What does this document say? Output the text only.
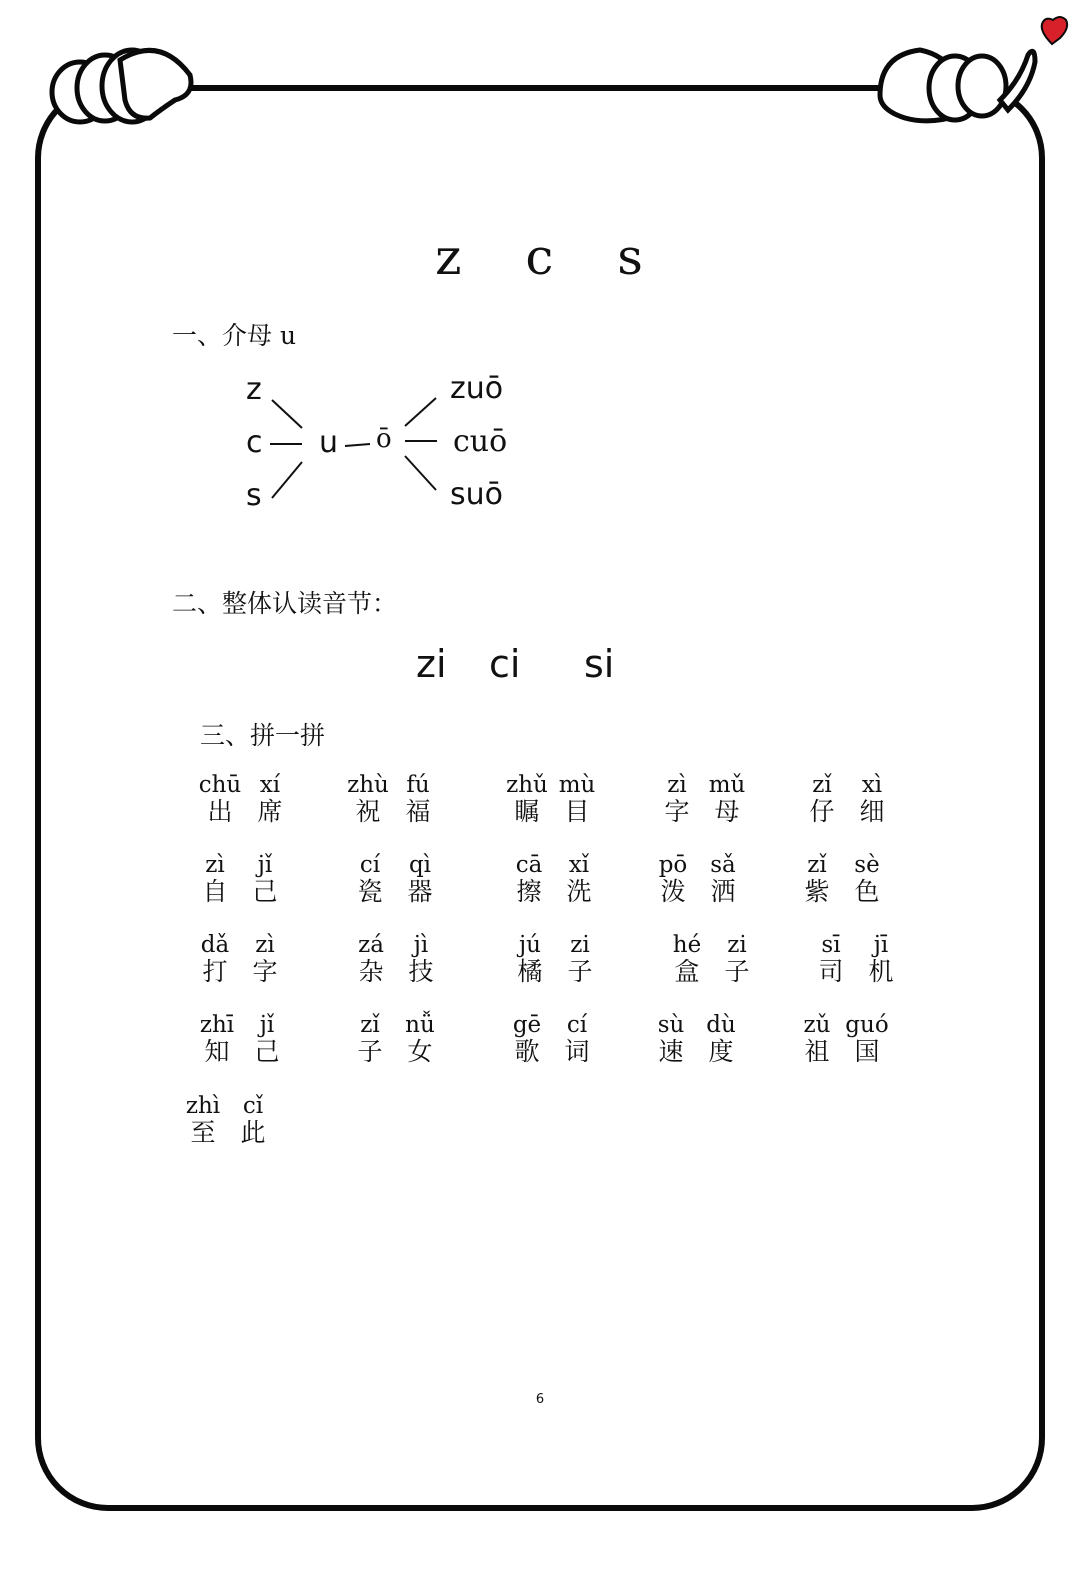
z c s
一、介母 u
z
c
s
u ō
zuō
cuō
suō
二、整体认读音节：
zi ci si
三、拼一拼
chū xí
出 席
zhù fú
祝 福
zhǔ mù
瞩 目
zì mǔ
字 母
zǐ xì
仔 细
zì jǐ
自 己
cí qì
瓷 器
cā xǐ
擦 洗
pō sǎ
泼 洒
zǐ sè
紫 色
dǎ zì
打 字
zá jì
杂 技
jú zi
橘 子
hé zi
盒 子
sī jī
司 机
zhī jǐ
知 己
zǐ nǚ
子 女
gē cí
歌 词
sù dù
速 度
zǔ guó
祖 国
zhì cǐ
至 此
6
